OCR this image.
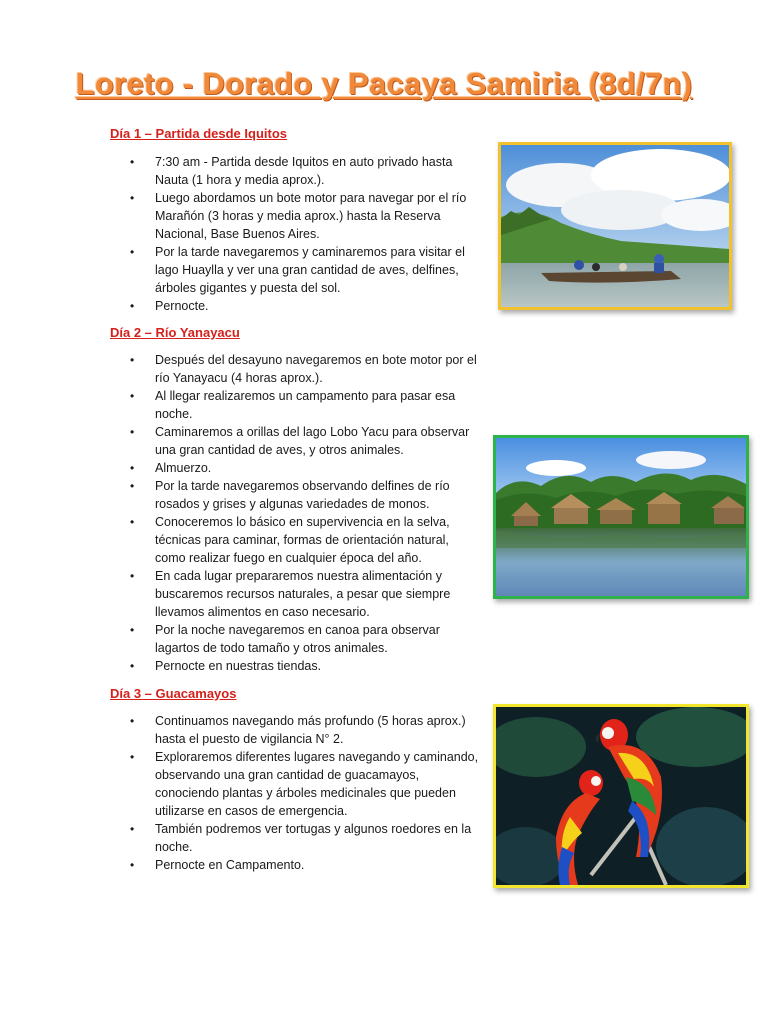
Loreto - Dorado y Pacaya Samiria (8d/7n)
Día 1 – Partida desde Iquitos
• 7:30 am - Partida desde Iquitos en auto privado hasta Nauta (1 hora y media aprox.).
• Luego abordamos un bote motor para navegar por el río Marañón (3 horas y media aprox.) hasta la Reserva Nacional, Base Buenos Aires.
• Por la tarde navegaremos y caminaremos para visitar el lago Huaylla y ver una gran cantidad de aves, delfines, árboles gigantes y puesta del sol.
• Pernocte.
Día 2 – Río Yanayacu
• Después del desayuno navegaremos en bote motor por el río Yanayacu (4 horas aprox.).
• Al llegar realizaremos un campamento para pasar esa noche.
• Caminaremos a orillas del lago Lobo Yacu para observar una gran cantidad de aves, y otros animales.
• Almuerzo.
• Por la tarde navegaremos observando delfines de río rosados y grises y algunas variedades de monos.
• Conoceremos lo básico en supervivencia en la selva, técnicas para caminar, formas de orientación natural, como realizar fuego en cualquier época del año.
• En cada lugar prepararemos nuestra alimentación y buscaremos recursos naturales, a pesar que siempre llevamos alimentos en caso necesario.
• Por la noche navegaremos en canoa para observar lagartos de todo tamaño y otros animales.
• Pernocte en nuestras tiendas.
Día 3 – Guacamayos
• Continuamos navegando más profundo (5 horas aprox.) hasta el puesto de vigilancia N° 2.
• Exploraremos diferentes lugares navegando y caminando, observando una gran cantidad de guacamayos, conociendo plantas y árboles medicinales que pueden utilizarse en casos de emergencia.
• También podremos ver tortugas y algunos roedores en la noche.
• Pernocte en Campamento.
